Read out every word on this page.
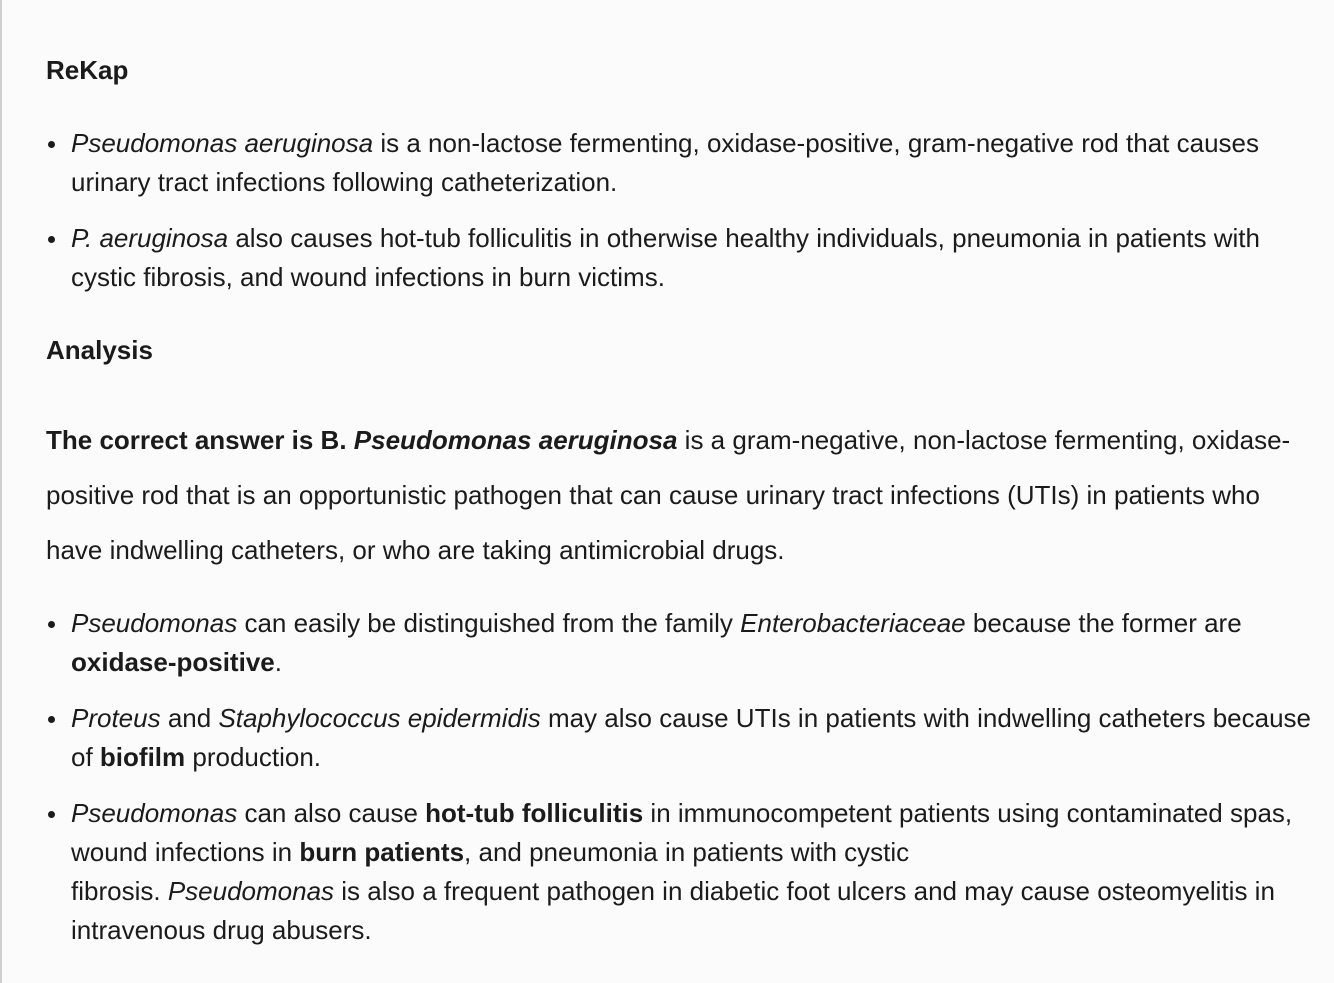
ReKap
Pseudomonas aeruginosa is a non-lactose fermenting, oxidase-positive, gram-negative rod that causes urinary tract infections following catheterization.
P. aeruginosa also causes hot-tub folliculitis in otherwise healthy individuals, pneumonia in patients with cystic fibrosis, and wound infections in burn victims.
Analysis

The correct answer is B. Pseudomonas aeruginosa is a gram-negative, non-lactose fermenting, oxidase-positive rod that is an opportunistic pathogen that can cause urinary tract infections (UTIs) in patients who have indwelling catheters, or who are taking antimicrobial drugs.

Pseudomonas can easily be distinguished from the family Enterobacteriaceae because the former are oxidase-positive.
Proteus and Staphylococcus epidermidis may also cause UTIs in patients with indwelling catheters because of biofilm production.
Pseudomonas can also cause hot-tub folliculitis in immunocompetent patients using contaminated spas, wound infections in burn patients, and pneumonia in patients with cystic
fibrosis. Pseudomonas is also a frequent pathogen in diabetic foot ulcers and may cause osteomyelitis in intravenous drug abusers.
